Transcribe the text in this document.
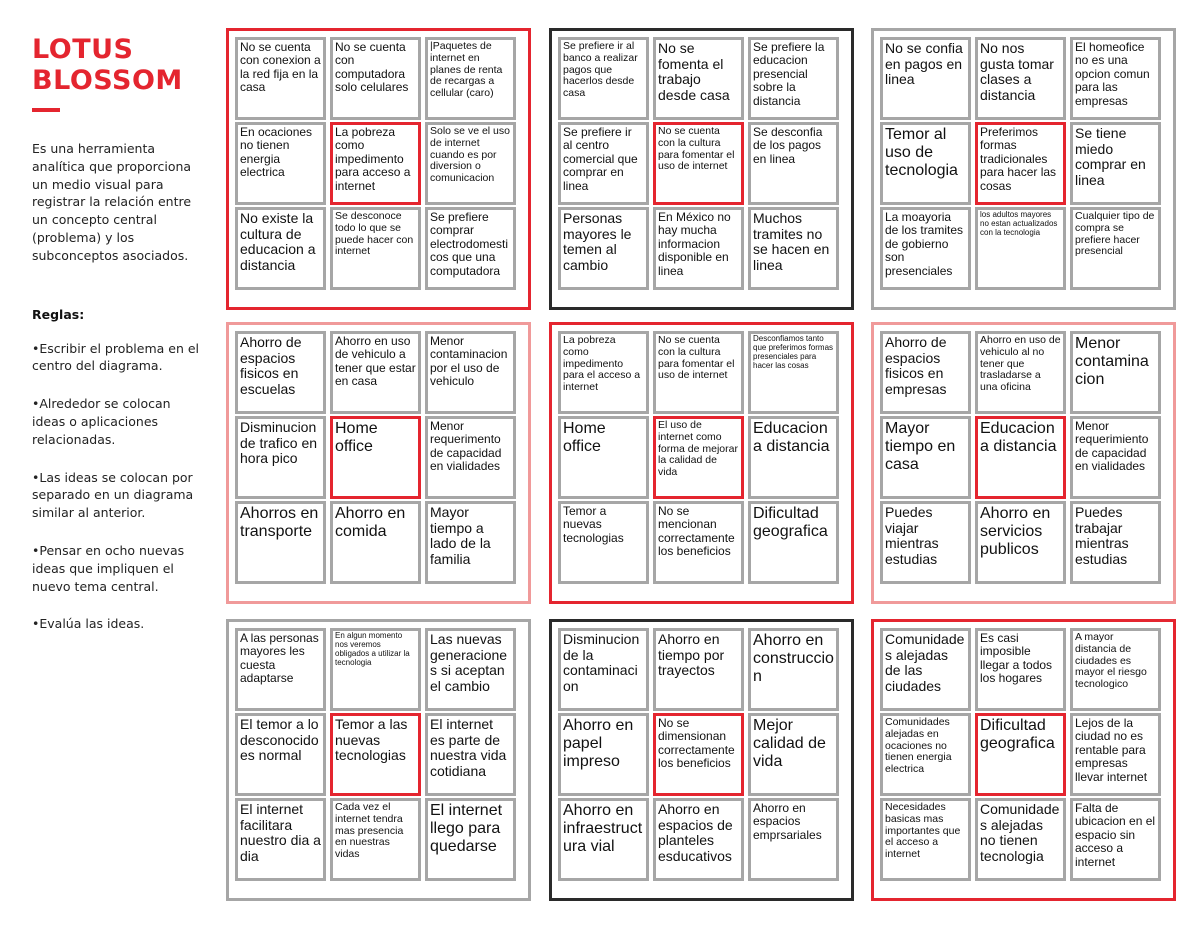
LOTUS
BLOSSOM

Es una herramienta analítica que proporciona un medio visual para registrar la relación entre un concepto central (problema) y los subconceptos asociados.

Reglas:

•Escribir el problema en el centro del diagrama.

•Alrededor se colocan ideas o aplicaciones relacionadas.

•Las ideas se colocan por separado en un diagrama similar al anterior.

•Pensar en ocho nuevas ideas que impliquen el nuevo tema central.

•Evalúa las ideas.

No se cuenta con conexion a la red fija en la casa
No se cuenta con computadora solo celulares
|Paquetes de internet en planes de renta de recargas a cellular (caro)
En ocaciones no tienen energia electrica
La pobreza como impedimento para acceso a internet
Solo se ve el uso de internet cuando es por diversion o comunicacion
No existe la cultura de educacion a distancia
Se desconoce todo lo que se puede hacer con internet
Se prefiere comprar electrodomesticos que una computadora
Se prefiere ir al banco a realizar pagos que hacerlos desde casa
No se fomenta el trabajo desde casa
Se prefiere la educacion presencial sobre la distancia
Se prefiere ir al centro comercial que comprar en linea
No se cuenta con la cultura para fomentar el uso de internet
Se desconfia de los pagos en linea
Personas mayores le temen al cambio
En México no hay mucha informacion disponible en linea
Muchos tramites no se hacen en linea
No se confia en pagos en linea
No nos gusta tomar clases a distancia
El homeofice no es una opcion comun para las empresas
Temor al uso de tecnologia
Preferimos formas tradicionales para hacer las cosas
Se tiene miedo comprar en linea
La moayoria de los tramites de gobierno son presenciales
los adultos mayores no estan actualizados con la tecnologia
Cualquier tipo de compra se prefiere hacer presencial
Ahorro de espacios fisicos en escuelas
Ahorro en uso de vehiculo a tener que estar en casa
Menor contaminacion por el uso de vehiculo
Disminucion de trafico en hora pico
Home office
Menor requerimento de capacidad en vialidades
Ahorros en transporte
Ahorro en comida
Mayor tiempo a lado de la familia
La pobreza como impedimento para el acceso a internet
No se cuenta con la cultura para fomentar el uso de internet
Desconfiamos tanto que preferimos formas presenciales para hacer las cosas
Home office
El uso de internet como forma de mejorar la calidad de vida
Educacion a distancia
Temor a nuevas tecnologias
No se mencionan correctamente los beneficios
Dificultad geografica
Ahorro de espacios fisicos en empresas
Ahorro en uso de vehiculo al no tener que trasladarse a una oficina
Menor contaminacion
Mayor tiempo en casa
Educacion a distancia
Menor requerimiento de capacidad en vialidades
Puedes viajar mientras estudias
Ahorro en servicios publicos
Puedes trabajar mientras estudias
A las personas mayores les cuesta adaptarse
En algun momento nos veremos obligados a utilizar la tecnologia
Las nuevas generaciones si aceptan el cambio
El temor a lo desconocido es normal
Temor a las nuevas tecnologias
El internet es parte de nuestra vida cotidiana
El internet facilitara nuestro dia a dia
Cada vez el internet tendra mas presencia en nuestras vidas
El internet llego para quedarse
Disminucion de la contaminacion
Ahorro en tiempo por trayectos
Ahorro en construccion
Ahorro en papel impreso
No se dimensionan correctamente los beneficios
Mejor calidad de vida
Ahorro en infraestructura vial
Ahorro en espacios de planteles esducativos
Ahorro en espacios emprsariales
Comunidades alejadas de las ciudades
Es casi imposible llegar a todos los hogares
A mayor distancia de ciudades es mayor el riesgo tecnologico
Comunidades alejadas en ocaciones no tienen energia electrica
Dificultad geografica
Lejos de la ciudad no es rentable para empresas llevar internet
Necesidades basicas mas importantes que el acceso a internet
Comunidades alejadas no tienen tecnologia
Falta de ubicacion en el espacio sin acceso a internet
